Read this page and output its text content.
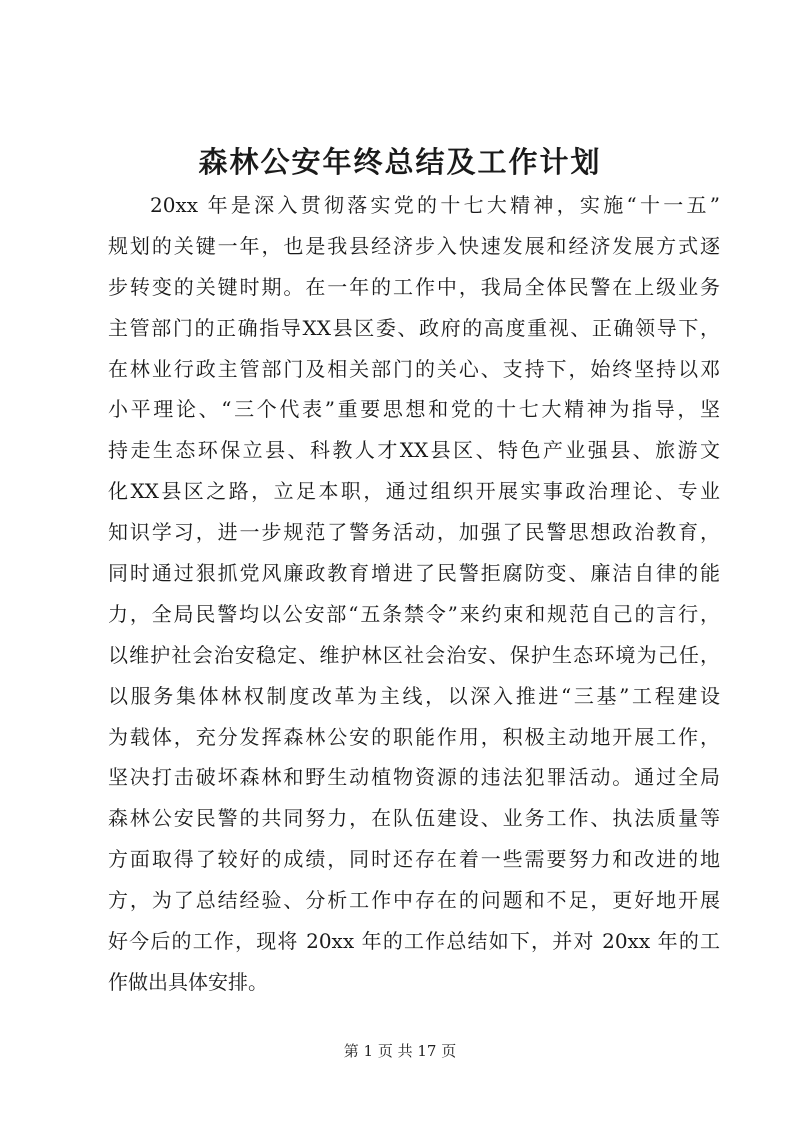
森林公安年终总结及工作计划
20xx 年是深入贯彻落实党的十七大精神，实施“十一五”
规划的关键一年，也是我县经济步入快速发展和经济发展方式逐
步转变的关键时期。在一年的工作中，我局全体民警在上级业务
主管部门的正确指导XX县区委、政府的高度重视、正确领导下，
在林业行政主管部门及相关部门的关心、支持下，始终坚持以邓
小平理论、“三个代表”重要思想和党的十七大精神为指导，坚
持走生态环保立县、科教人才XX县区、特色产业强县、旅游文
化XX县区之路，立足本职，通过组织开展实事政治理论、专业
知识学习，进一步规范了警务活动，加强了民警思想政治教育，
同时通过狠抓党风廉政教育增进了民警拒腐防变、廉洁自律的能
力，全局民警均以公安部“五条禁令”来约束和规范自己的言行，
以维护社会治安稳定、维护林区社会治安、保护生态环境为己任，
以服务集体林权制度改革为主线，以深入推进“三基”工程建设
为载体，充分发挥森林公安的职能作用，积极主动地开展工作，
坚决打击破坏森林和野生动植物资源的违法犯罪活动。通过全局
森林公安民警的共同努力，在队伍建设、业务工作、执法质量等
方面取得了较好的成绩，同时还存在着一些需要努力和改进的地
方，为了总结经验、分析工作中存在的问题和不足，更好地开展
好今后的工作，现将 20xx 年的工作总结如下，并对 20xx 年的工
作做出具体安排。
第 1 页 共 17 页
